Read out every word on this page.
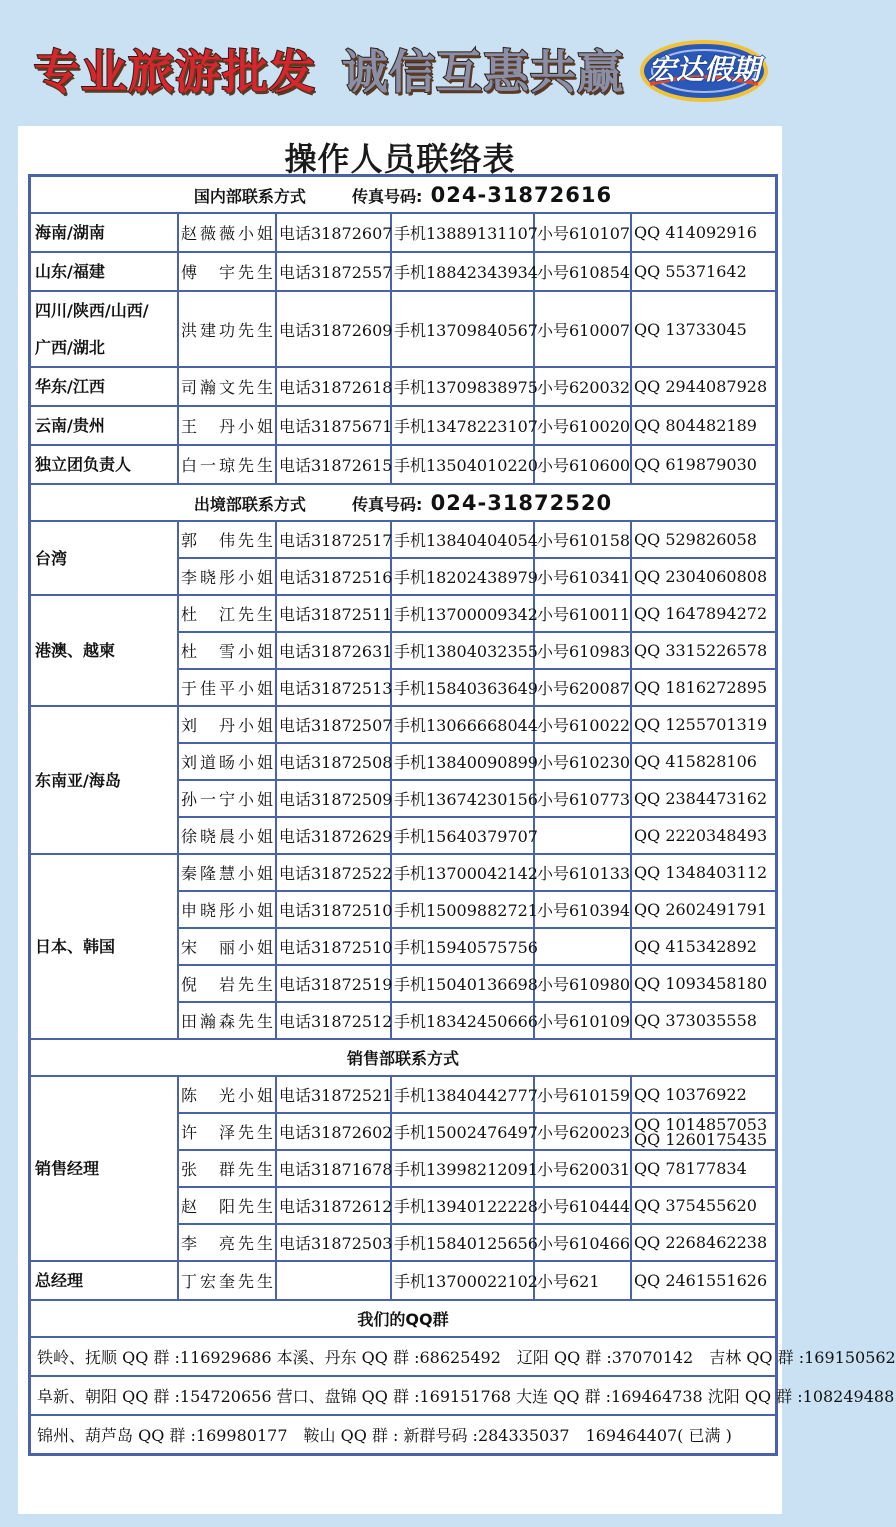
专业旅游批发 诚信互惠共赢 宏达假期
操作人员联络表
国内部联系方式 传真号码: 024-31872616					
海南/湖南	赵薇薇小姐	电话31872607	手机13889131107	小号610107	QQ 414092916
山东/福建	傅　宇先生	电话31872557	手机18842343934	小号610854	QQ 55371642

四川/陕西/山西/
广西/湖北	洪建功先生	电话31872609	手机13709840567	小号610007	QQ 13733045
华东/江西	司瀚文先生	电话31872618	手机13709838975	小号620032	QQ 2944087928
云南/贵州	王　丹小姐	电话31875671	手机13478223107	小号610020	QQ 804482189
独立团负责人	白一琼先生	电话31872615	手机13504010220	小号610600	QQ 619879030
出境部联系方式 传真号码: 024-31872520					
台湾	郭　伟先生	电话31872517	手机13840404054	小号610158	QQ 529826058
	李晓彤小姐	电话31872516	手机18202438979	小号610341	QQ 2304060808
港澳、越柬	杜　江先生	电话31872511	手机13700009342	小号610011	QQ 1647894272
	杜　雪小姐	电话31872631	手机13804032355	小号610983	QQ 3315226578
	于佳平小姐	电话31872513	手机15840363649	小号620087	QQ 1816272895
东南亚/海岛	刘　丹小姐	电话31872507	手机13066668044	小号610022	QQ 1255701319
	刘道旸小姐	电话31872508	手机13840090899	小号610230	QQ 415828106
	孙一宁小姐	电话31872509	手机13674230156	小号610773	QQ 2384473162
	徐晓晨小姐	电话31872629	手机15640379707		QQ 2220348493
日本、韩国	秦隆慧小姐	电话31872522	手机13700042142	小号610133	QQ 1348403112
	申晓彤小姐	电话31872510	手机15009882721	小号610394	QQ 2602491791
	宋　丽小姐	电话31872510	手机15940575756		QQ 415342892
	倪　岩先生	电话31872519	手机15040136698	小号610980	QQ 1093458180
	田瀚森先生	电话31872512	手机18342450666	小号610109	QQ 373035558
销售部联系方式					
销售经理	陈　光小姐	电话31872521	手机13840442777	小号610159	QQ 10376922
	许　泽先生	电话31872602	手机15002476497	小号620023	QQ 1014857053
QQ 1260175435

	张　群先生	电话31871678	手机13998212091	小号620031	QQ 78177834
	赵　阳先生	电话31872612	手机13940122228	小号610444	QQ 375455620
	李　亮先生	电话31872503	手机15840125656	小号610466	QQ 2268462238
总经理	丁宏奎先生		手机13700022102	小号621	QQ 2461551626
我们的QQ群					
铁岭、抚顺 QQ 群 :116929686 本溪、丹东 QQ 群 :68625492　辽阳 QQ 群 :37070142　吉林 QQ 群 :169150562					
阜新、朝阳 QQ 群 :154720656 营口、盘锦 QQ 群 :169151768 大连 QQ 群 :169464738 沈阳 QQ 群 :108249488					
锦州、葫芦岛 QQ 群 :169980177　鞍山 QQ 群 : 新群号码 :284335037　169464407( 已满 )					
